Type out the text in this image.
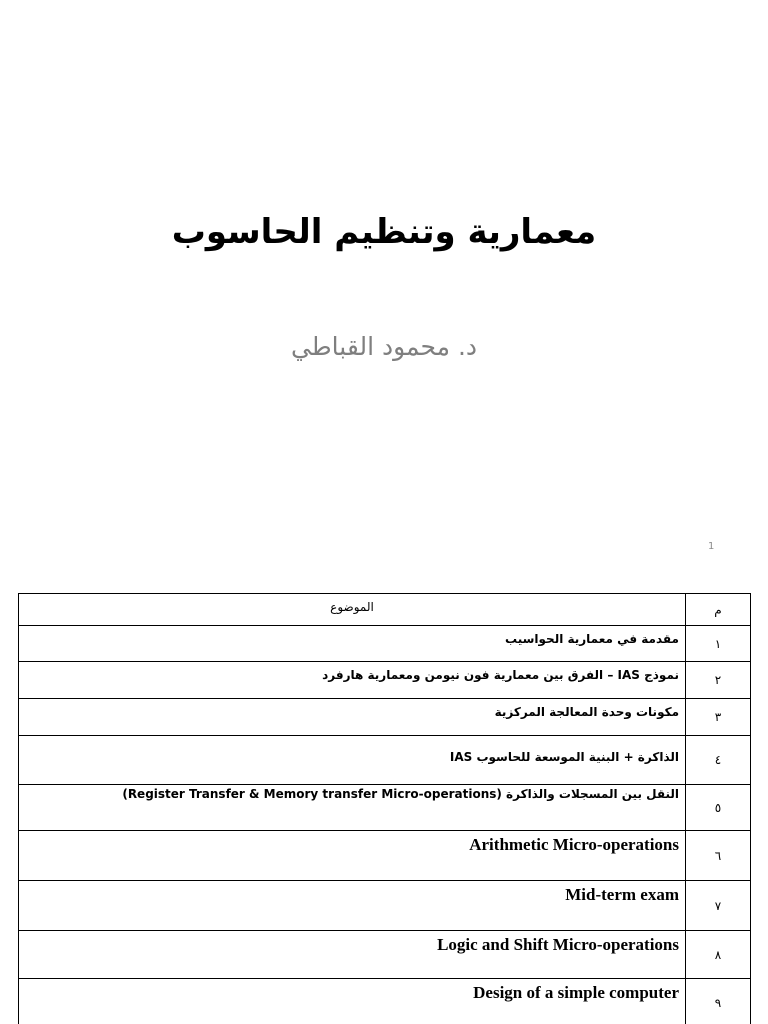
معمارية وتنظيم الحاسوب
د. محمود القباطي
1
م	الموضوع
١	مقدمة في معمارية الحواسيب
٢	نموذج IAS – الفرق بين معمارية فون نيومن ومعمارية هارفرد
٣	مكونات وحدة المعالجة المركزية
٤	الذاكرة + البنية الموسعة للحاسوب IAS
٥	النقل بين المسجلات والذاكرة (Register Transfer & Memory transfer Micro-operations)
٦	Arithmetic Micro-operations
٧	Mid-term exam
٨	Logic and Shift Micro-operations
٩	Design of a simple computer
